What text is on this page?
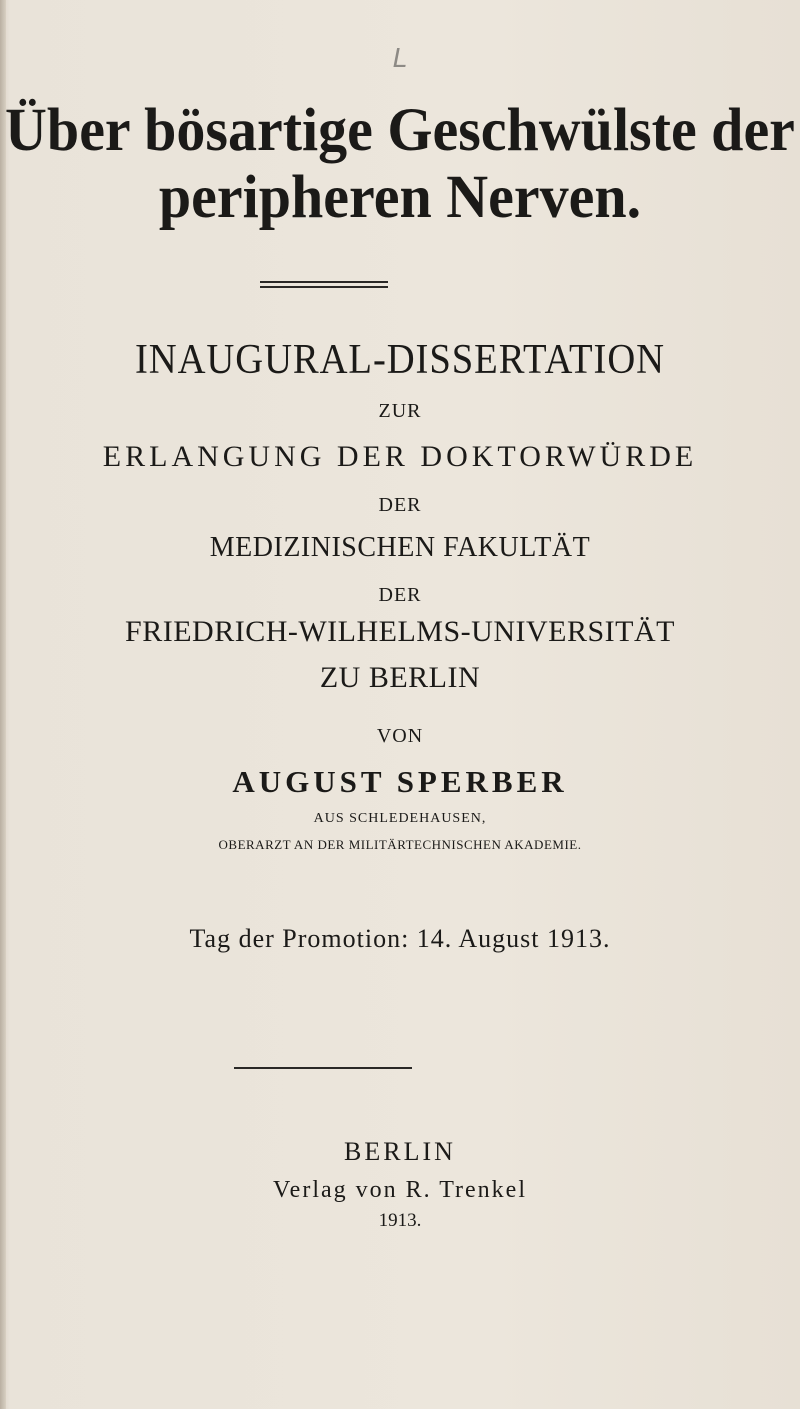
L
Über bösartige Geschwülste der
peripheren Nerven.
INAUGURAL-DISSERTATION
ZUR
ERLANGUNG DER DOKTORWÜRDE
DER
MEDIZINISCHEN FAKULTÄT
DER
FRIEDRICH-WILHELMS-UNIVERSITÄT
ZU BERLIN
VON
AUGUST SPERBER
AUS SCHLEDEHAUSEN,
OBERARZT AN DER MILITÄRTECHNISCHEN AKADEMIE.
Tag der Promotion: 14. August 1913.
BERLIN
Verlag von R. Trenkel
1913.
